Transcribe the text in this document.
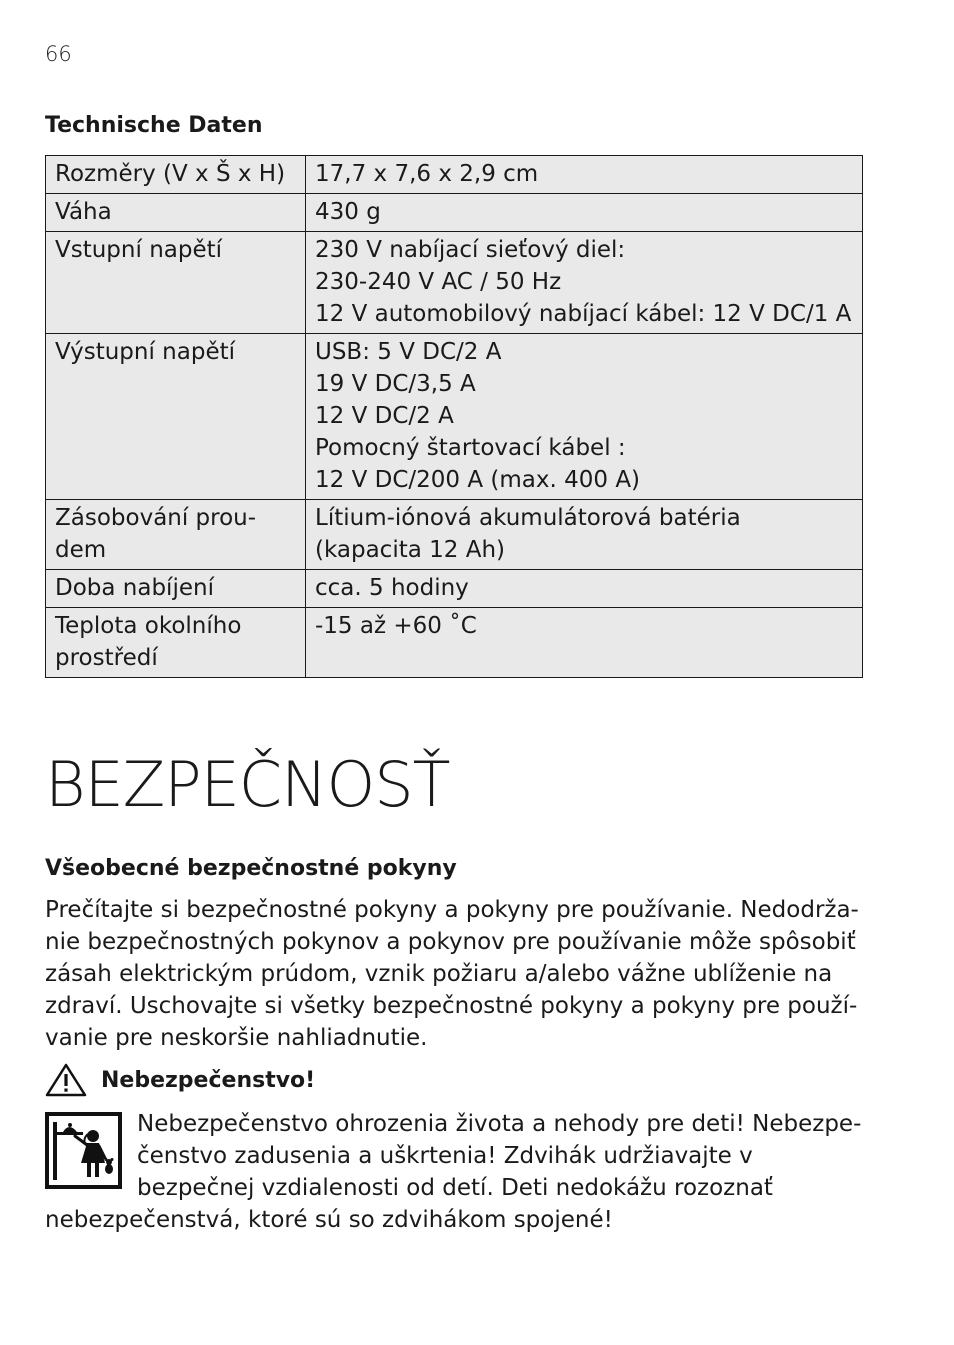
66
Technische Daten
Rozměry (V x Š x H)	17,7 x 7,6 x 2,9 cm

Váha	430 g

Vstupní napětí	230 V nabíjací sieťový diel:
230-240 V AC / 50 Hz
12 V automobilový nabíjací kábel: 12 V DC/1 A

Výstupní napětí	USB: 5 V DC/2 A
19 V DC/3,5 A
12 V DC/2 A
Pomocný štartovací kábel :
12 V DC/200 A (max. 400 A)

Zásobování prou-dem	Lítium-iónová akumulátorová batéria
(kapacita 12 Ah)

Doba nabíjení	cca. 5 hodiny

Teplota okolního prostředí	-15 až +60 ˚C
BEZPEČNOSŤ
Všeobecné bezpečnostné pokyny

Prečítajte si bezpečnostné pokyny a pokyny pre používanie. Nedodrža-nie bezpečnostných pokynov a pokynov pre používanie môže spôsobiť zásah elektrickým prúdom, vznik požiaru a/alebo vážne ublíženie na zdraví. Uschovajte si všetky bezpečnostné pokyny a pokyny pre použí-vanie pre neskoršie nahliadnutie.

Nebezpečenstvo!

Nebezpečenstvo ohrozenia života a nehody pre deti! Nebezpe-čenstvo zadusenia a uškrtenia! Zdvihák udržiavajte v bezpečnej vzdialenosti od detí. Deti nedokážu rozoznať nebezpečenstvá, ktoré sú so zdvihákom spojené!
